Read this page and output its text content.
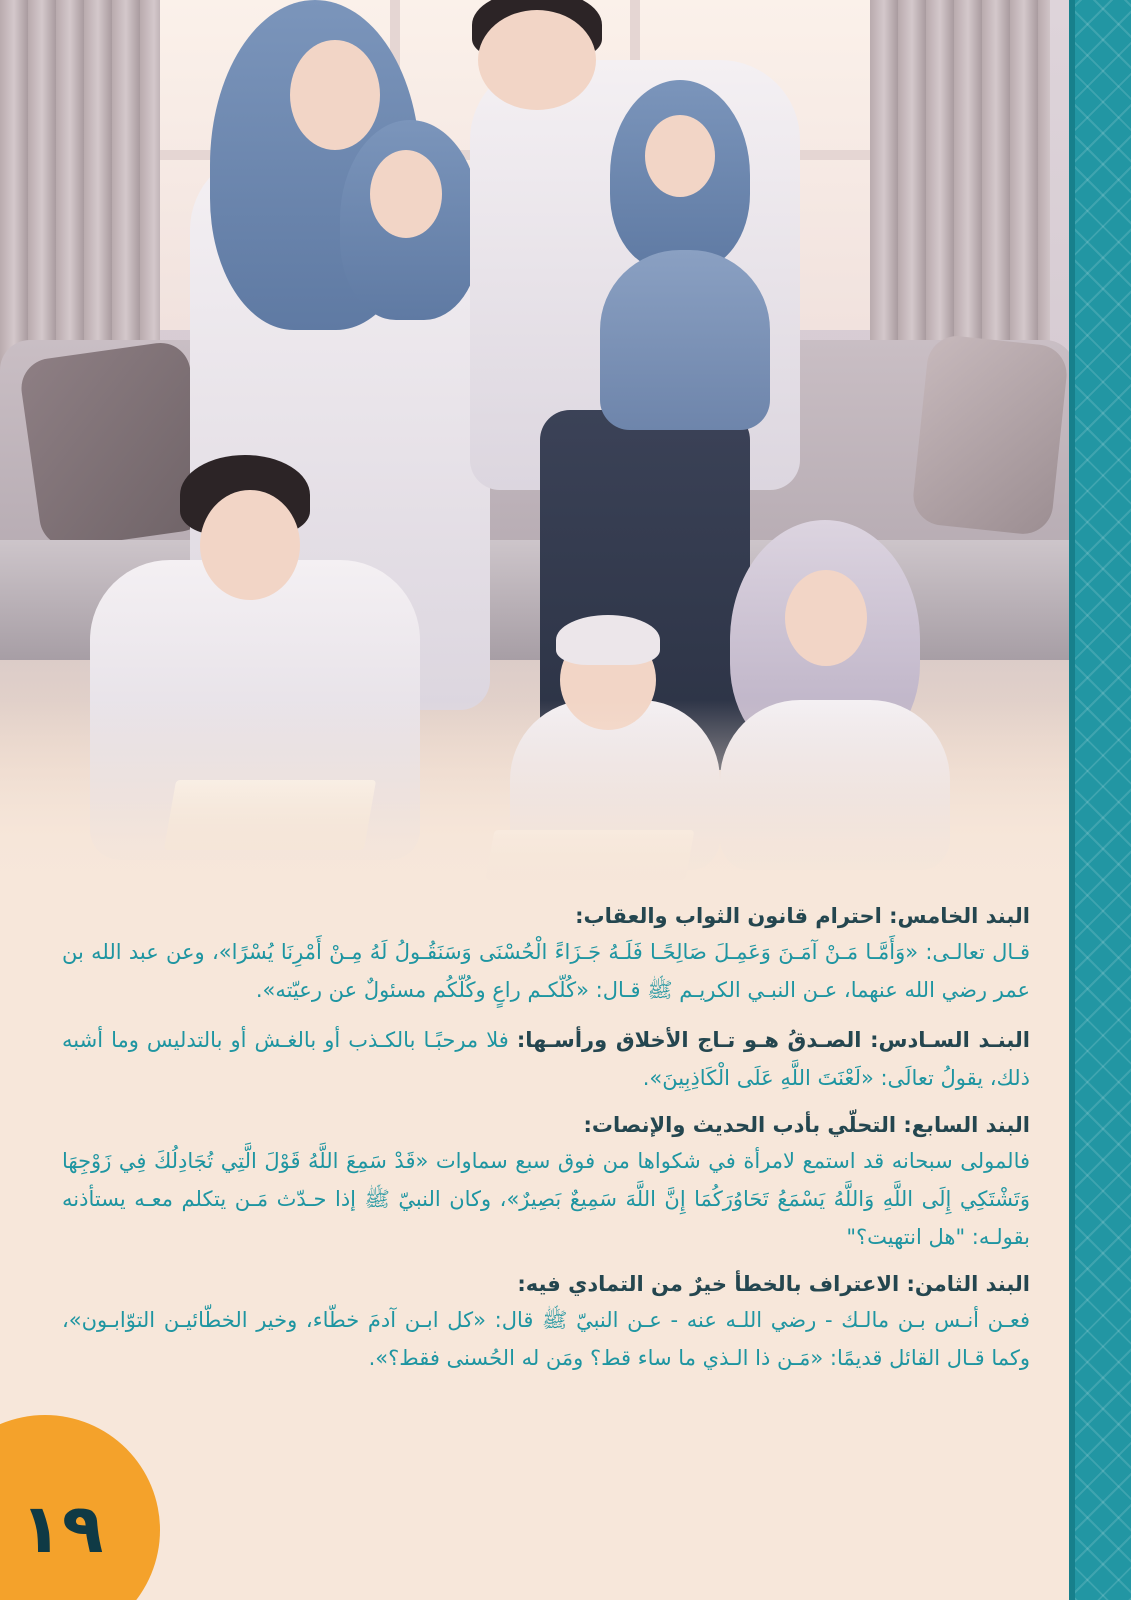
البند الخامس: احترام قانون الثواب والعقاب:
قـال تعالـى: «وَأَمَّـا مَـنْ آمَـنَ وَعَمِـلَ صَالِحًـا فَلَـهُ جَـزَاءً الْحُسْنَى وَسَنَقُـولُ لَهُ مِـنْ أَمْرِنَا يُسْرًا»، وعن عبد الله بن عمر رضي الله عنهما، عـن النبـي الكريـم ﷺ قـال: «كُلّكـم راعٍ وكُلّكُم مسئولٌ عن رعيّته».
البنـد السـادس: الصـدقُ هـو تـاج الأخلاق ورأسـها: فلا مرحبًـا بالكـذب أو بالغـش أو بالتدليس وما أشبه ذلك، يقولُ تعالَى: «لَعْنَتَ اللَّهِ عَلَى الْكَاذِبِينَ».
البند السابع: التحلّي بأدب الحديث والإنصات:
فالمولى سبحانه قد استمع لامرأة في شكواها من فوق سبع سماوات «قَدْ سَمِعَ اللَّهُ قَوْلَ الَّتِي تُجَادِلُكَ فِي زَوْجِهَا وَتَشْتَكِي إِلَى اللَّهِ وَاللَّهُ يَسْمَعُ تَحَاوُرَكُمَا إِنَّ اللَّهَ سَمِيعٌ بَصِيرٌ»، وكان النبيّ ﷺ إذا حـدّث مَـن يتكلم معـه يستأذنه بقولـه: "هل انتهيت؟"
البند الثامن: الاعتراف بالخطأ خيرٌ من التمادي فيه:
فعـن أنـس بـن مالـك - رضي اللـه عنه - عـن النبيّ ﷺ قال: «كل ابـن آدمَ خطّاء، وخير الخطّائيـن التوّابـون»، وكما قـال القائل قديمًا: «مَـن ذا الـذي ما ساء قط؟ ومَن له الحُسنى فقط؟».
١٩
